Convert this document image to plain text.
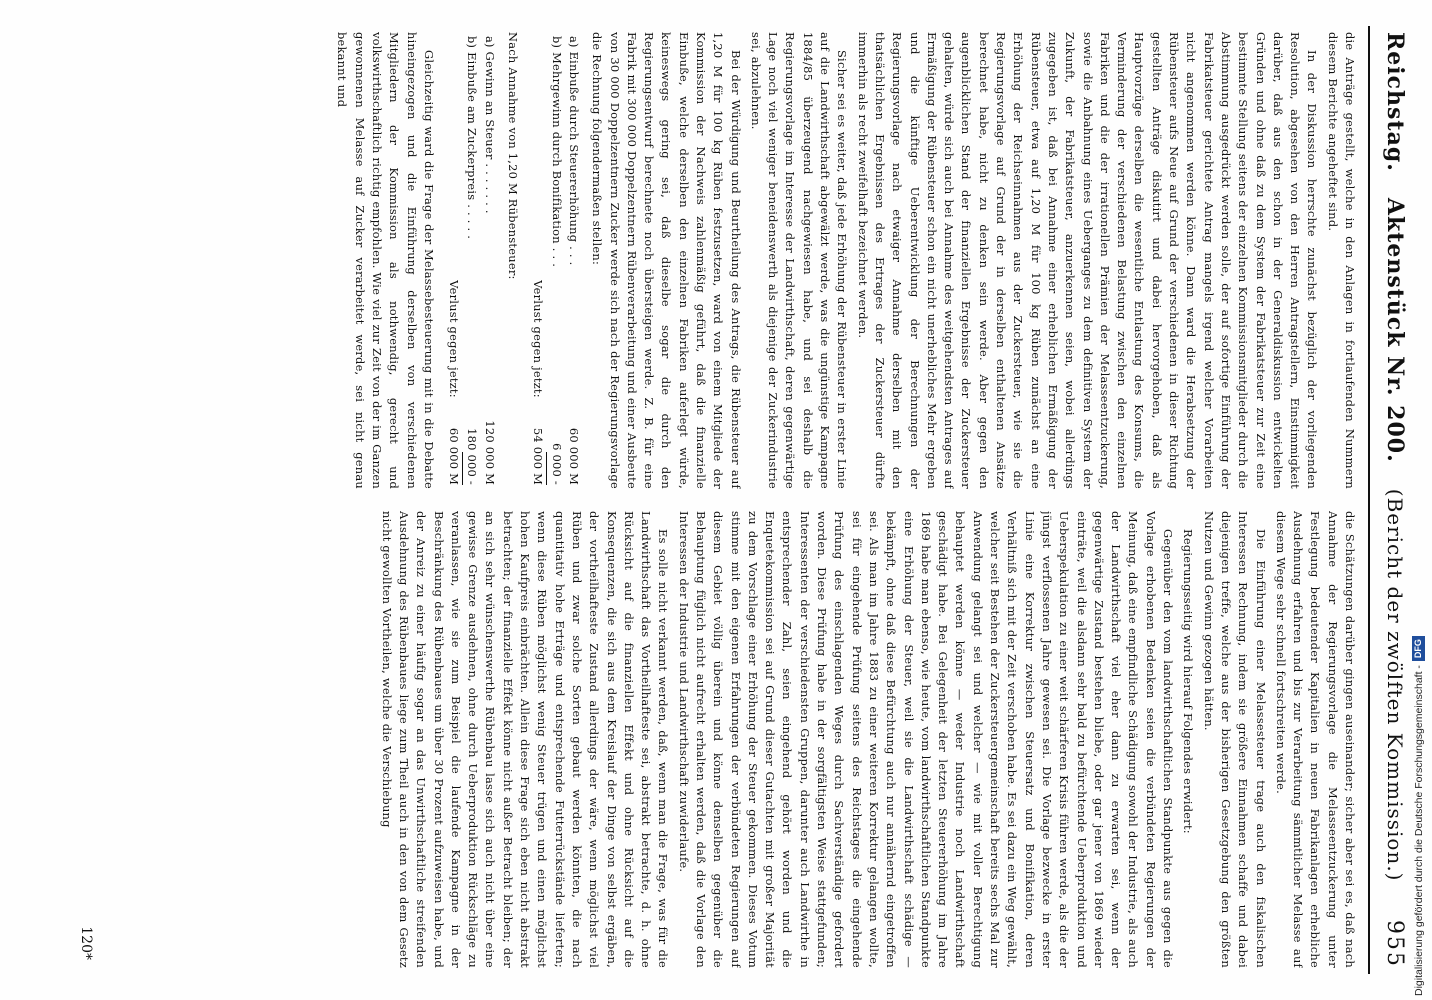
Reichstag.
Aktenstück Nr. 200.
(Bericht der zwölften Kommission.)
955

die Anträge gestellt, welche in den Anlagen in fortlaufenden Nummern diesem Berichte angeheftet sind.

In der Diskussion herrschte zunächst bezüglich der vorliegenden Resolution, abgesehen von den Herren Antragstellern, Einstimmigkeit darüber, daß aus den schon in der Generaldiskussion entwickelten Gründen und ohne daß zu dem System der Fabrikatsteuer zur Zeit eine bestimmte Stellung seitens der einzelnen Kommissionsmitglieder durch die Abstimmung ausgedrückt werden solle, der auf sofortige Einführung der Fabrikatsteuer gerichtete Antrag mangels irgend welcher Vorarbeiten nicht angenommen werden könne. Dann ward die Herabsetzung der Rübensteuer aufs Neue auf Grund der verschiedenen in dieser Richtung gestellten Anträge diskutirt und dabei hervorgehoben, daß als Hauptvorzüge derselben die wesentliche Entlastung des Konsums, die Verminderung der verschiedenen Belastung zwischen den einzelnen Fabriken und die der irrationellen Prämien der Melasseentzuckerung, sowie die Anbahnung eines Ueberganges zu dem definitiven System der Zukunft, der Fabrikatsteuer, anzuerkennen seien, wobei allerdings zugegeben ist, daß bei Annahme einer erheblichen Ermäßigung der Rübensteuer, etwa auf 1,20 M für 100 kg Rüben zunächst an eine Erhöhung der Reichseinnahmen aus der Zuckersteuer, wie sie die Regierungsvorlage auf Grund der in derselben enthaltenen Ansätze berechnet habe, nicht zu denken sein werde. Aber gegen den augenblicklichen Stand der finanziellen Ergebnisse der Zuckersteuer gehalten, würde sich auch bei Annahme des weitgehendsten Antrages auf Ermäßigung der Rübensteuer schon ein nicht unerhebliches Mehr ergeben und die künftige Ueberentwicklung der Berechnungen der Regierungsvorlage nach etwaiger Annahme derselben mit den thatsächlichen Ergebnissen des Ertrages der Zuckersteuer dürfte immerhin als recht zweifelhaft bezeichnet werden.

Sicher sei es weiter, daß jede Erhöhung der Rübensteuer in erster Linie auf die Landwirthschaft abgewälzt werde, was die ungünstige Kampagne 1884/85 überzeugend nachgewiesen habe, und sei deshalb die Regierungsvorlage im Interesse der Landwirthschaft, deren gegenwärtige Lage noch viel weniger beneidenswerth als diejenige der Zuckerindustrie sei, abzulehnen.

Bei der Würdigung und Beurtheilung des Antrags, die Rübensteuer auf 1,20 M für 100 kg Rüben festzusetzen, ward von einem Mitgliede der Kommission der Nachweis zahlenmäßig geführt, daß die finanzielle Einbuße, welche derselben den einzelnen Fabriken auferlegt würde, keineswegs gering sei, daß dieselbe sogar die durch den Regierungsentwurf berechnete noch übersteigen werde. Z. B. für eine Fabrik mit 300 000 Doppelzentnern Rübenverarbeitung und einer Ausbeute von 30 000 Doppelzentnern Zucker werde sich nach der Regierungsvorlage die Rechnung folgendermaßen stellen:

a) Einbuße durch Steuererhöhung . . .
60 000 M
b) Mehrgewinn durch Bonifikation . . .
6 000 -
Verlust gegen jetzt:
54 000 M

Nach Annahme von 1,20 M Rübensteuer:

a) Gewinn an Steuer . . . . . . .
120 000 M
b) Einbuße am Zuckerpreis . . . . .
180 000 -
Verlust gegen jetzt:
60 000 M

Gleichzeitig ward die Frage der Melassebesteuerung mit in die Debatte hineingezogen und die Einführung derselben von verschiedenen Mitgliedern der Kommission als nothwendig, gerecht und volkswirthschaftlich richtig empfohlen. Wie viel zur Zeit von der im Ganzen gewonnenen Melasse auf Zucker verarbeitet werde, sei nicht genau bekannt und

die Schätzungen darüber gingen auseinander; sicher aber sei es, daß nach Annahme der Regierungsvorlage die Melasseentzuckerung unter Festlegung bedeutender Kapitalien in neuen Fabrikanlagen erhebliche Ausdehnung erfahren und bis zur Verarbeitung sämmtlicher Melasse auf diesem Wege sehr schnell fortschreiten werde.

Die Einführung einer Melassesteuer trage auch den fiskalischen Interessen Rechnung, indem sie größere Einnahmen schaffe und dabei diejenigen treffe, welche aus der bisherigen Gesetzgebung den größten Nutzen und Gewinn gezogen hätten.

Regierungsseitig wird hierauf Folgendes erwidert:

Gegenüber den vom landwirthschaftlichen Standpunkte aus gegen die Vorlage erhobenen Bedenken seien die verbündeten Regierungen der Meinung, daß eine empfindliche Schädigung sowohl der Industrie, als auch der Landwirthschaft viel eher dann zu erwarten sei, wenn der gegenwärtige Zustand bestehen bliebe, oder gar jener von 1869 wieder einträte, weil die alsdann sehr bald zu befürchtende Ueberproduktion und Ueberspekulation zu einer weit schärferen Krisis führen werde, als die der jüngst verflossenen Jahre gewesen sei. Die Vorlage bezwecke in erster Linie eine Korrektur zwischen Steuersatz und Bonifikation, deren Verhältniß sich mit der Zeit verschoben habe. Es sei dazu ein Weg gewählt, welcher seit Bestehen der Zuckersteuergemeinschaft bereits sechs Mal zur Anwendung gelangt sei und welcher — wie mit voller Berechtigung behauptet werden könne — weder Industrie noch Landwirthschaft geschädigt habe. Bei Gelegenheit der letzten Steuererhöhung im Jahre 1869 habe man ebenso, wie heute, vom landwirthschaftlichen Standpunkte eine Erhöhung der Steuer, weil sie die Landwirthschaft schädige — bekämpft, ohne daß diese Befürchtung auch nur annähernd eingetroffen sei. Als man im Jahre 1883 zu einer weiteren Korrektur gelangen wollte, sei für eingehende Prüfung seitens des Reichstages die eingehende Prüfung des einschlagenden Weges durch Sachverständige gefordert worden. Diese Prüfung habe in der sorgfältigsten Weise stattgefunden; Interessenten der verschiedensten Gruppen, darunter auch Landwirthe in entsprechender Zahl, seien eingehend gehört worden und die Enquetekommission sei auf Grund dieser Gutachten mit großer Majorität zu dem Vorschlage einer Erhöhung der Steuer gekommen. Dieses Votum stimme mit den eigenen Erfahrungen der verbündeten Regierungen auf diesem Gebiet völlig überein und könne denselben gegenüber die Behauptung füglich nicht aufrecht erhalten werden, daß die Vorlage den Interessen der Industrie und Landwirthschaft zuwiderlaufe.

Es solle nicht verkannt werden, daß, wenn man die Frage, was für die Landwirthschaft das Vortheilhafteste sei, abstrakt betrachte, d. h. ohne Rücksicht auf die finanziellen Effekt und ohne Rücksicht auf die Konsequenzen, die sich aus dem Kreislauf der Dinge von selbst ergäben, der vortheilhafteste Zustand allerdings der wäre, wenn möglichst viel Rüben und zwar solche Sorten gebaut werden könnten, die nach quantitativ hohe Erträge und entsprechende Futterrückstände lieferten; wenn diese Rüben möglichst wenig Steuer trügen und einen möglichst hohen Kaufpreis einbrächten. Allein diese Frage sich eben nicht abstrakt betrachten; der finanzielle Effekt könne nicht außer Betracht bleiben; der an sich sehr wünschenswerthe Rübenbau lasse sich auch nicht über eine gewisse Grenze ausdehnen, ohne durch Ueberproduktion Rückschläge zu veranlassen, wie sie zum Beispiel die laufende Kampagne in der Beschränkung des Rübenbaues um über 30 Prozent aufzuweisen habe, und der Anreiz zu einer häufig sogar an das Unwirthschaftliche streifenden Ausdehnung des Rübenbaues liege zum Theil auch in den von dem Gesetz nicht gewollten Vortheilen, welche die Verschiebung

120*	Digitalisierung gefördert durch die Deutsche Forschungsgemeinschaft -
DFG
